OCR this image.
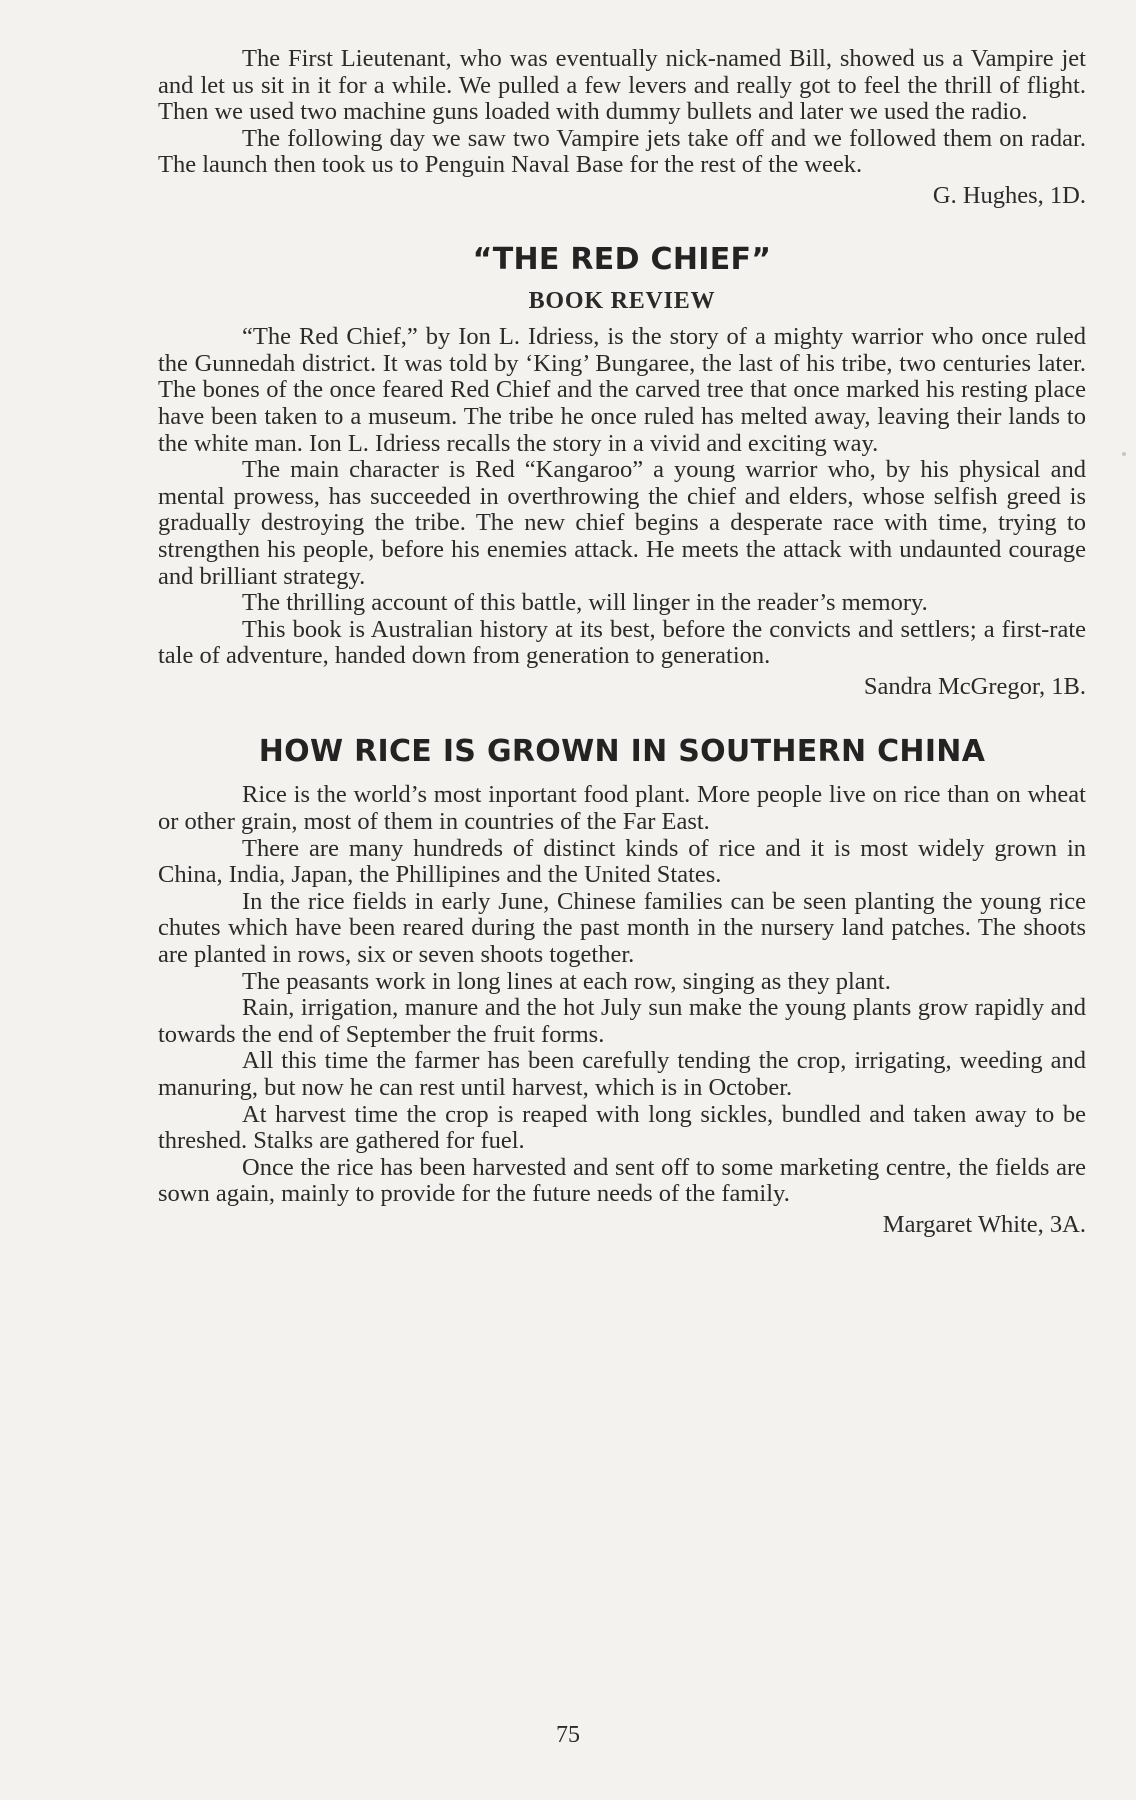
The First Lieutenant, who was eventually nick-named Bill, showed us a Vampire jet and let us sit in it for a while. We pulled a few levers and really got to feel the thrill of flight. Then we used two machine guns loaded with dummy bullets and later we used the radio.

The following day we saw two Vampire jets take off and we followed them on radar. The launch then took us to Penguin Naval Base for the rest of the week.

G. Hughes, 1D.

“THE RED CHIEF”
BOOK REVIEW

“The Red Chief,” by Ion L. Idriess, is the story of a mighty warrior who once ruled the Gunnedah district. It was told by ‘King’ Bungaree, the last of his tribe, two centuries later. The bones of the once feared Red Chief and the carved tree that once marked his resting place have been taken to a museum. The tribe he once ruled has melted away, leaving their lands to the white man. Ion L. Idriess recalls the story in a vivid and exciting way.

The main character is Red “Kangaroo” a young warrior who, by his physical and mental prowess, has succeeded in overthrowing the chief and elders, whose selfish greed is gradually destroying the tribe. The new chief begins a desperate race with time, trying to strengthen his people, before his enemies attack. He meets the attack with undaunted courage and brilliant strategy.

The thrilling account of this battle, will linger in the reader’s memory.

This book is Australian history at its best, before the convicts and settlers; a first-rate tale of adventure, handed down from generation to generation.

Sandra McGregor, 1B.

HOW RICE IS GROWN IN SOUTHERN CHINA

Rice is the world’s most inportant food plant. More people live on rice than on wheat or other grain, most of them in countries of the Far East.

There are many hundreds of distinct kinds of rice and it is most widely grown in China, India, Japan, the Phillipines and the United States.

In the rice fields in early June, Chinese families can be seen planting the young rice chutes which have been reared during the past month in the nursery land patches. The shoots are planted in rows, six or seven shoots together.

The peasants work in long lines at each row, singing as they plant.

Rain, irrigation, manure and the hot July sun make the young plants grow rapidly and towards the end of September the fruit forms.

All this time the farmer has been carefully tending the crop, irrigating, weeding and manuring, but now he can rest until harvest, which is in October.

At harvest time the crop is reaped with long sickles, bundled and taken away to be threshed. Stalks are gathered for fuel.

Once the rice has been harvested and sent off to some marketing centre, the fields are sown again, mainly to provide for the future needs of the family.

Margaret White, 3A.

75
